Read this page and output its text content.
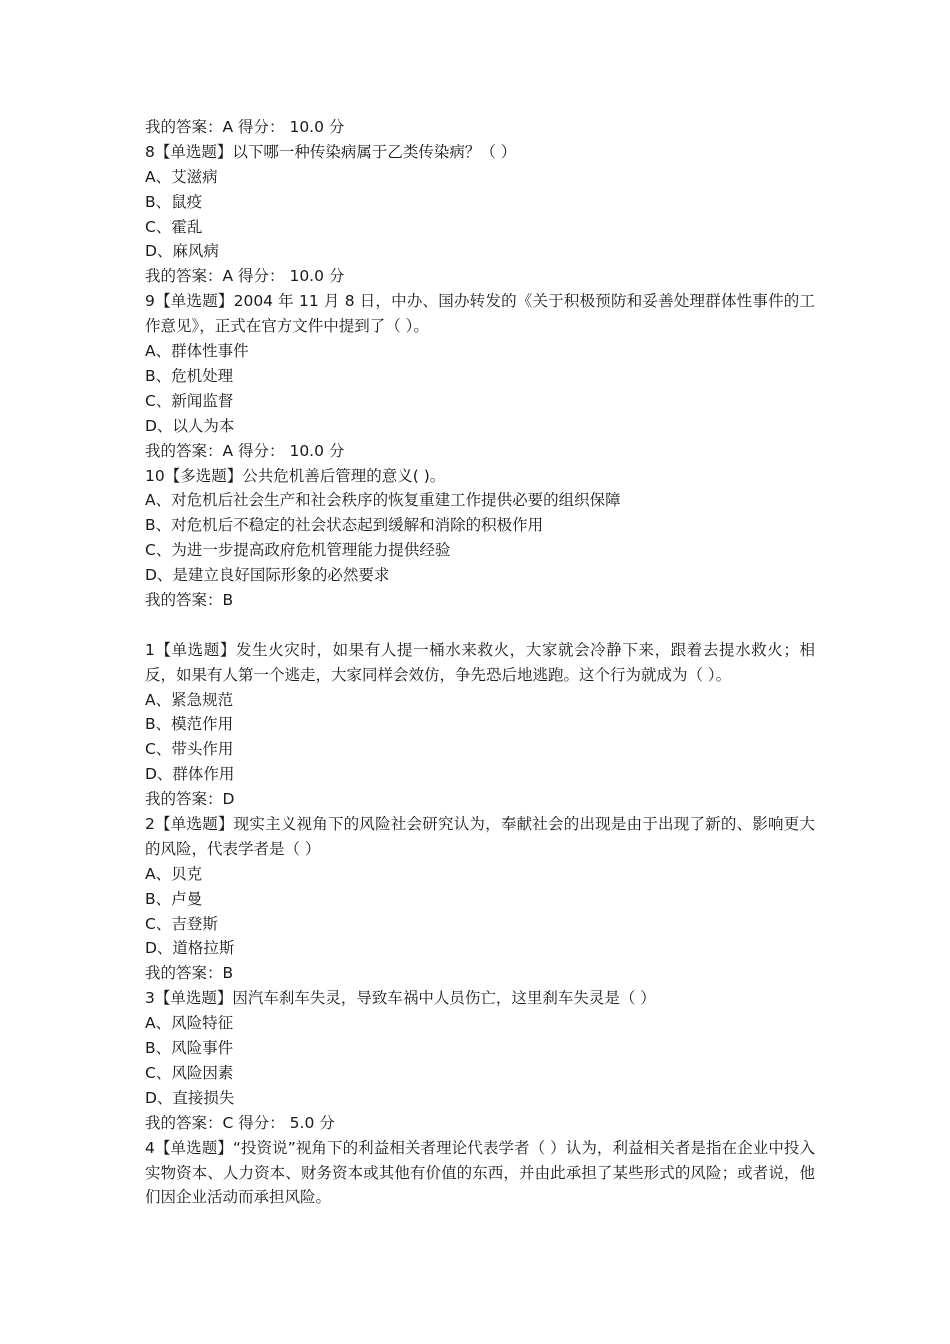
我的答案：A 得分： 10.0 分
8【单选题】以下哪一种传染病属于乙类传染病？（ ）
A、艾滋病
B、鼠疫
C、霍乱
D、麻风病
我的答案：A 得分： 10.0 分
9【单选题】2004 年 11 月 8 日，中办、国办转发的《关于积极预防和妥善处理群体性事件的工作意见》，正式在官方文件中提到了（ ）。
A、群体性事件
B、危机处理
C、新闻监督
D、以人为本
我的答案：A 得分： 10.0 分
10【多选题】公共危机善后管理的意义( )。
A、对危机后社会生产和社会秩序的恢复重建工作提供必要的组织保障
B、对危机后不稳定的社会状态起到缓解和消除的积极作用
C、为进一步提高政府危机管理能力提供经验
D、是建立良好国际形象的必然要求
我的答案：B
1【单选题】发生火灾时，如果有人提一桶水来救火，大家就会冷静下来，跟着去提水救火；相反，如果有人第一个逃走，大家同样会效仿，争先恐后地逃跑。这个行为就成为（ ）。
A、紧急规范
B、模范作用
C、带头作用
D、群体作用
我的答案：D
2【单选题】现实主义视角下的风险社会研究认为，奉献社会的出现是由于出现了新的、影响更大的风险，代表学者是（ ）
A、贝克
B、卢曼
C、吉登斯
D、道格拉斯
我的答案：B
3【单选题】因汽车刹车失灵，导致车祸中人员伤亡，这里刹车失灵是（ ）
A、风险特征
B、风险事件
C、风险因素
D、直接损失
我的答案：C 得分： 5.0 分
4【单选题】“投资说”视角下的利益相关者理论代表学者（ ）认为，利益相关者是指在企业中投入实物资本、人力资本、财务资本或其他有价值的东西，并由此承担了某些形式的风险；或者说，他们因企业活动而承担风险。
